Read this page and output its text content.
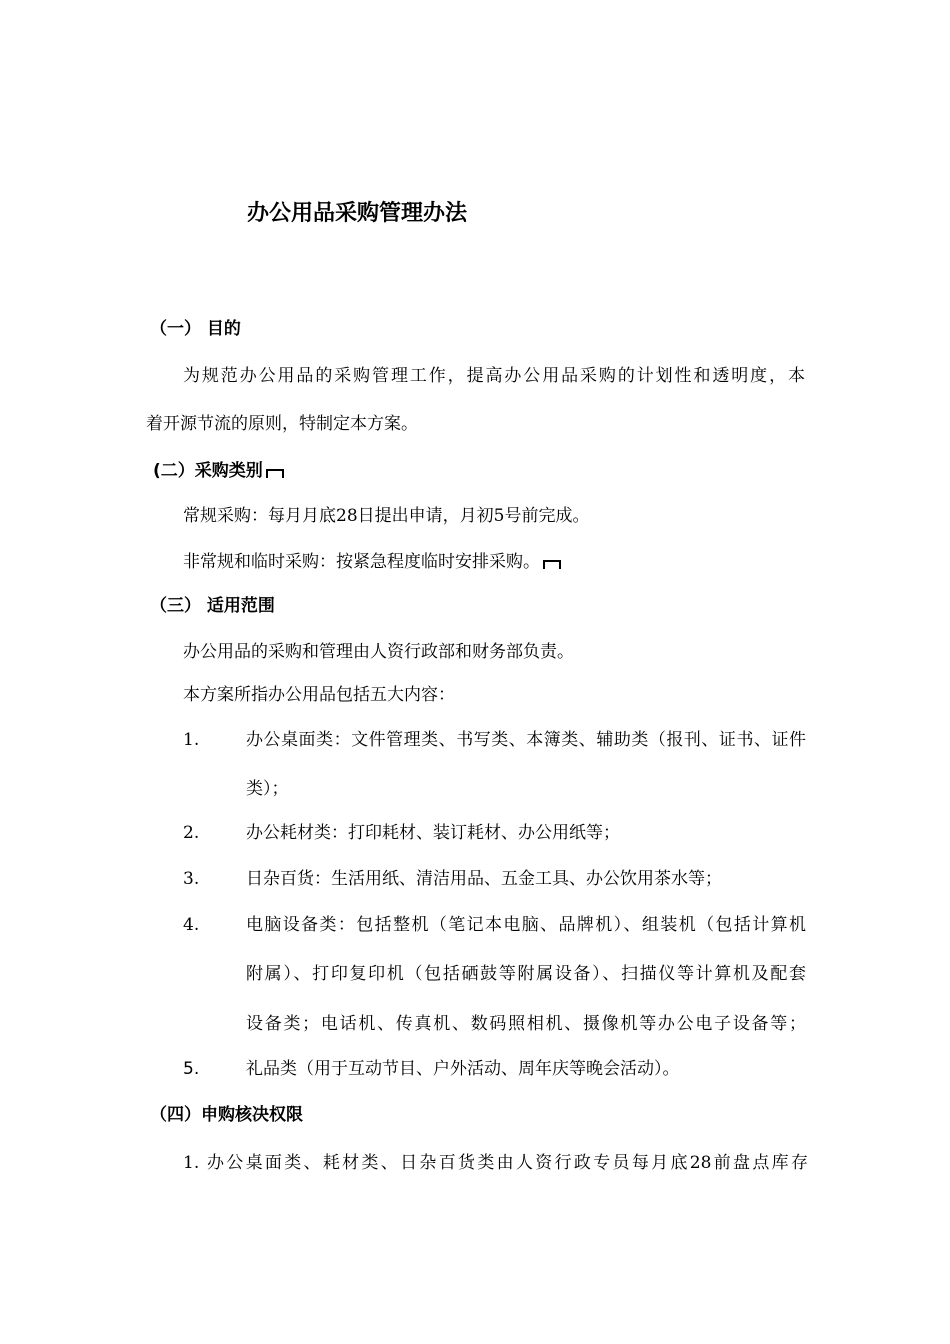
办公用品采购管理办法
（一） 目的
为规范办公用品的采购管理工作，提高办公用品采购的计划性和透明度，本
着开源节流的原则，特制定本方案。
(二）采购类别
常规采购：每月月底28日提出申请，月初5号前完成。
非常规和临时采购：按紧急程度临时安排采购。
（三） 适用范围
办公用品的采购和管理由人资行政部和财务部负责。
本方案所指办公用品包括五大内容：
1.	办公桌面类：文件管理类、书写类、本簿类、辅助类（报刊、证书、证件
类）；
2.	办公耗材类：打印耗材、装订耗材、办公用纸等；
3.	日杂百货：生活用纸、清洁用品、五金工具、办公饮用茶水等；
4.	电脑设备类：包括整机（笔记本电脑、品牌机）、组装机（包括计算机
附属）、打印复印机（包括硒鼓等附属设备）、扫描仪等计算机及配套
设备类；电话机、传真机、数码照相机、摄像机等办公电子设备等；
5.	礼品类（用于互动节目、户外活动、周年庆等晚会活动）。
（四）申购核决权限
1. 办公桌面类、耗材类、日杂百货类由人资行政专员每月底28前盘点库存
